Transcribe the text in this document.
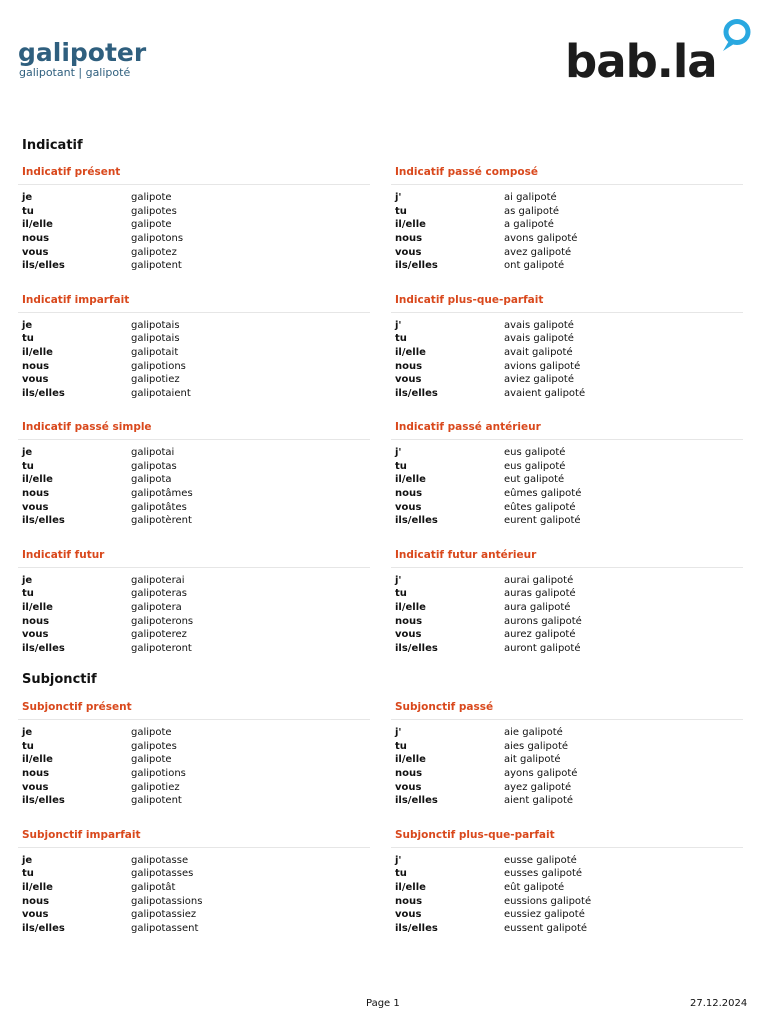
galipoter
galipotant | galipoté	bab.la
Indicatif
Subjonctif
Indicatif présent
je	galipote
tu	galipotes
il/elle	galipote
nous	galipotons
vous	galipotez
ils/elles	galipotent
Indicatif passé composé
j'	ai galipoté
tu	as galipoté
il/elle	a galipoté
nous	avons galipoté
vous	avez galipoté
ils/elles	ont galipoté
Indicatif imparfait
je	galipotais
tu	galipotais
il/elle	galipotait
nous	galipotions
vous	galipotiez
ils/elles	galipotaient
Indicatif plus-que-parfait
j'	avais galipoté
tu	avais galipoté
il/elle	avait galipoté
nous	avions galipoté
vous	aviez galipoté
ils/elles	avaient galipoté
Indicatif passé simple
je	galipotai
tu	galipotas
il/elle	galipota
nous	galipotâmes
vous	galipotâtes
ils/elles	galipotèrent
Indicatif passé antérieur
j'	eus galipoté
tu	eus galipoté
il/elle	eut galipoté
nous	eûmes galipoté
vous	eûtes galipoté
ils/elles	eurent galipoté
Indicatif futur
je	galipoterai
tu	galipoteras
il/elle	galipotera
nous	galipoterons
vous	galipoterez
ils/elles	galipoteront
Indicatif futur antérieur
j'	aurai galipoté
tu	auras galipoté
il/elle	aura galipoté
nous	aurons galipoté
vous	aurez galipoté
ils/elles	auront galipoté
Subjonctif présent
je	galipote
tu	galipotes
il/elle	galipote
nous	galipotions
vous	galipotiez
ils/elles	galipotent
Subjonctif passé
j'	aie galipoté
tu	aies galipoté
il/elle	ait galipoté
nous	ayons galipoté
vous	ayez galipoté
ils/elles	aient galipoté
Subjonctif imparfait
je	galipotasse
tu	galipotasses
il/elle	galipotât
nous	galipotassions
vous	galipotassiez
ils/elles	galipotassent
Subjonctif plus-que-parfait
j'	eusse galipoté
tu	eusses galipoté
il/elle	eût galipoté
nous	eussions galipoté
vous	eussiez galipoté
ils/elles	eussent galipoté
Page 1	27.12.2024
